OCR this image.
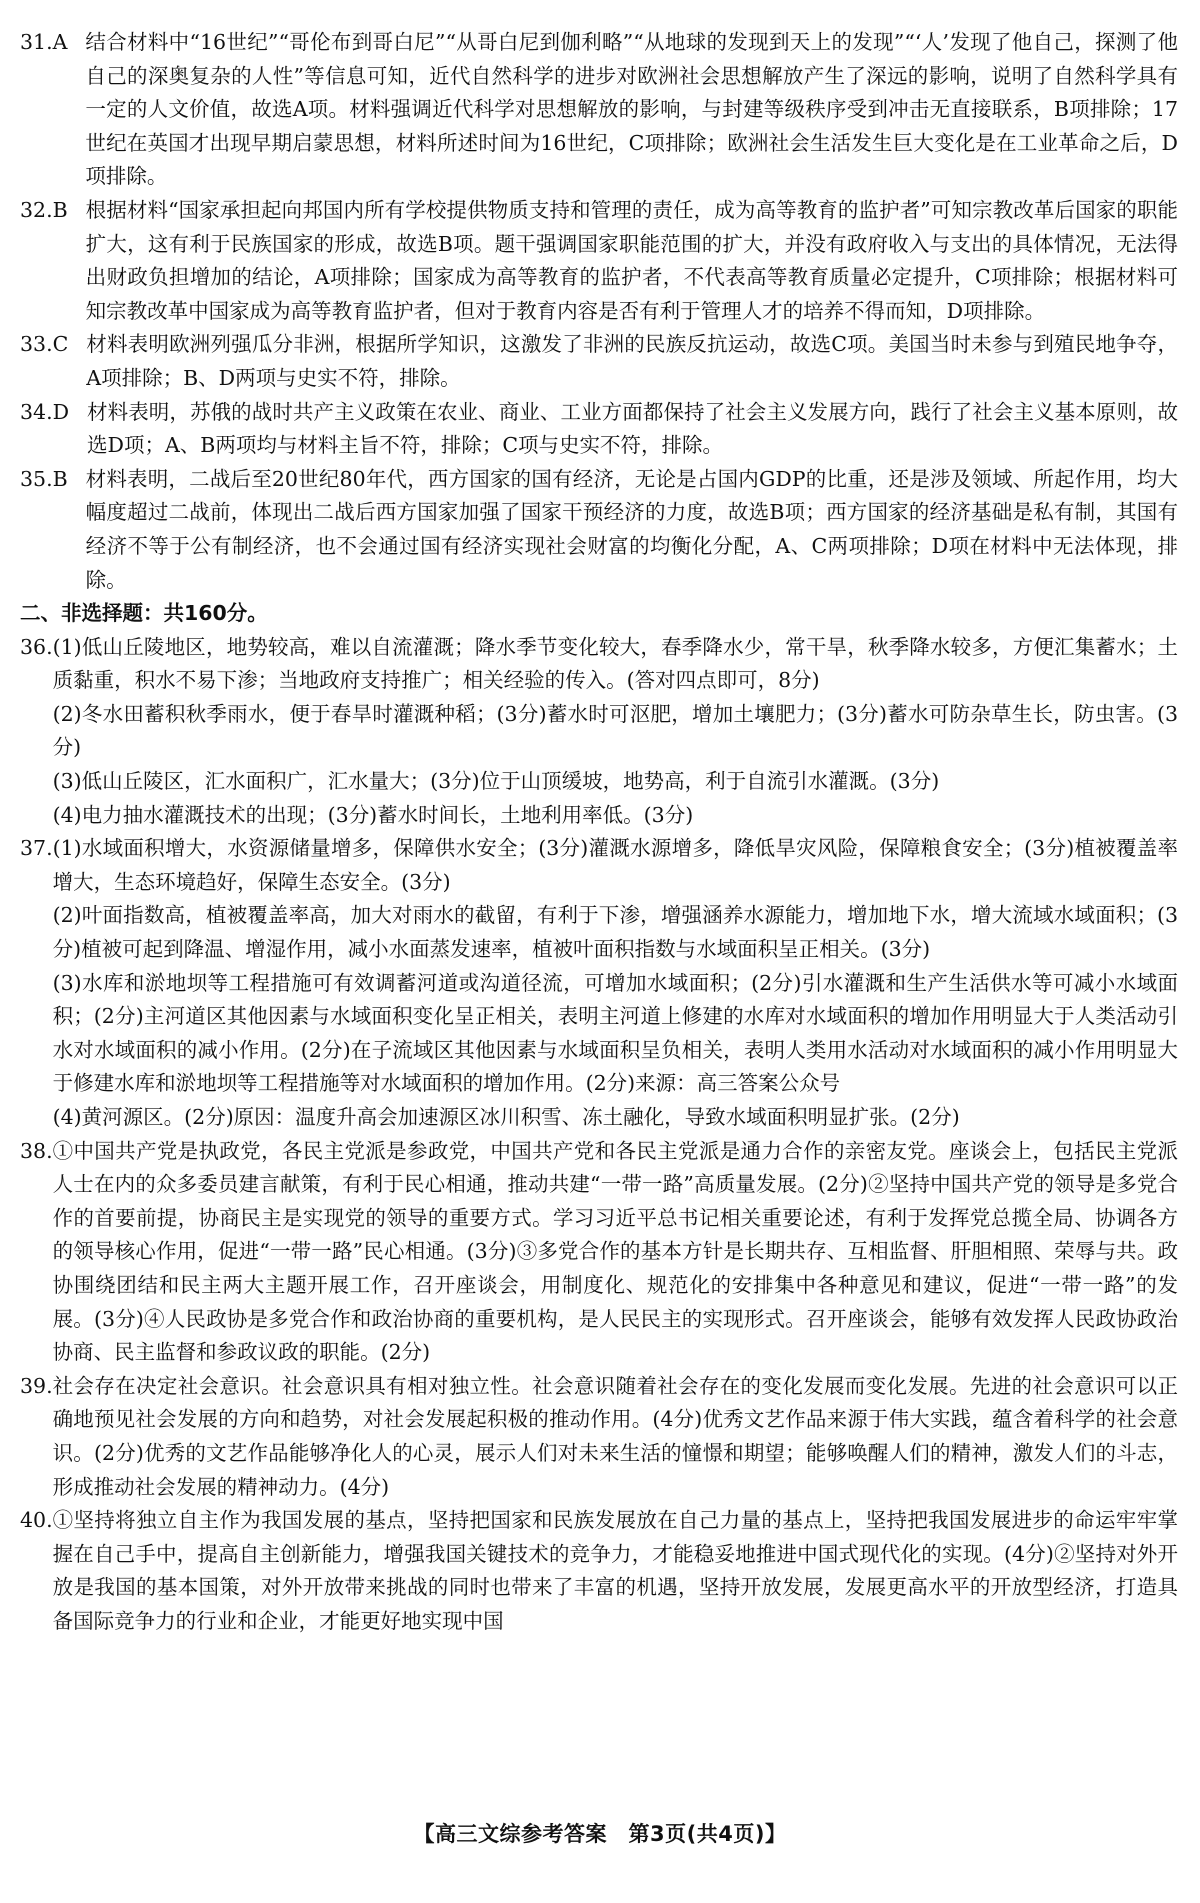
31.A 结合材料中“16世纪”“哥伦布到哥白尼”“从哥白尼到伽利略”“从地球的发现到天上的发现”“‘人’发现了他自己，探测了他自己的深奥复杂的人性”等信息可知，近代自然科学的进步对欧洲社会思想解放产生了深远的影响，说明了自然科学具有一定的人文价值，故选A项。材料强调近代科学对思想解放的影响，与封建等级秩序受到冲击无直接联系，B项排除；17世纪在英国才出现早期启蒙思想，材料所述时间为16世纪，C项排除；欧洲社会生活发生巨大变化是在工业革命之后，D项排除。

32.B 根据材料“国家承担起向邦国内所有学校提供物质支持和管理的责任，成为高等教育的监护者”可知宗教改革后国家的职能扩大，这有利于民族国家的形成，故选B项。题干强调国家职能范围的扩大，并没有政府收入与支出的具体情况，无法得出财政负担增加的结论，A项排除；国家成为高等教育的监护者，不代表高等教育质量必定提升，C项排除；根据材料可知宗教改革中国家成为高等教育监护者，但对于教育内容是否有利于管理人才的培养不得而知，D项排除。

33.C 材料表明欧洲列强瓜分非洲，根据所学知识，这激发了非洲的民族反抗运动，故选C项。美国当时未参与到殖民地争夺，A项排除；B、D两项与史实不符，排除。

34.D 材料表明，苏俄的战时共产主义政策在农业、商业、工业方面都保持了社会主义发展方向，践行了社会主义基本原则，故选D项；A、B两项均与材料主旨不符，排除；C项与史实不符，排除。

35.B 材料表明，二战后至20世纪80年代，西方国家的国有经济，无论是占国内GDP的比重，还是涉及领域、所起作用，均大幅度超过二战前，体现出二战后西方国家加强了国家干预经济的力度，故选B项；西方国家的经济基础是私有制，其国有经济不等于公有制经济，也不会通过国有经济实现社会财富的均衡化分配，A、C两项排除；D项在材料中无法体现，排除。

二、非选择题：共160分。

36. (1)低山丘陵地区，地势较高，难以自流灌溉；降水季节变化较大，春季降水少，常干旱，秋季降水较多，方便汇集蓄水；土质黏重，积水不易下渗；当地政府支持推广；相关经验的传入。(答对四点即可，8分)

(2)冬水田蓄积秋季雨水，便于春旱时灌溉种稻；(3分)蓄水时可沤肥，增加土壤肥力；(3分)蓄水可防杂草生长，防虫害。(3分)

(3)低山丘陵区，汇水面积广，汇水量大；(3分)位于山顶缓坡，地势高，利于自流引水灌溉。(3分)

(4)电力抽水灌溉技术的出现；(3分)蓄水时间长，土地利用率低。(3分)

37. (1)水域面积增大，水资源储量增多，保障供水安全；(3分)灌溉水源增多，降低旱灾风险，保障粮食安全；(3分)植被覆盖率增大，生态环境趋好，保障生态安全。(3分)

(2)叶面指数高，植被覆盖率高，加大对雨水的截留，有利于下渗，增强涵养水源能力，增加地下水，增大流域水域面积；(3分)植被可起到降温、增湿作用，减小水面蒸发速率，植被叶面积指数与水域面积呈正相关。(3分)

(3)水库和淤地坝等工程措施可有效调蓄河道或沟道径流，可增加水域面积；(2分)引水灌溉和生产生活供水等可减小水域面积；(2分)主河道区其他因素与水域面积变化呈正相关，表明主河道上修建的水库对水域面积的增加作用明显大于人类活动引水对水域面积的减小作用。(2分)在子流域区其他因素与水域面积呈负相关，表明人类用水活动对水域面积的减小作用明显大于修建水库和淤地坝等工程措施等对水域面积的增加作用。(2分)来源：高三答案公众号

(4)黄河源区。(2分)原因：温度升高会加速源区冰川积雪、冻土融化，导致水域面积明显扩张。(2分)

38. ①中国共产党是执政党，各民主党派是参政党，中国共产党和各民主党派是通力合作的亲密友党。座谈会上，包括民主党派人士在内的众多委员建言献策，有利于民心相通，推动共建“一带一路”高质量发展。(2分)②坚持中国共产党的领导是多党合作的首要前提，协商民主是实现党的领导的重要方式。学习习近平总书记相关重要论述，有利于发挥党总揽全局、协调各方的领导核心作用，促进“一带一路”民心相通。(3分)③多党合作的基本方针是长期共存、互相监督、肝胆相照、荣辱与共。政协围绕团结和民主两大主题开展工作，召开座谈会，用制度化、规范化的安排集中各种意见和建议，促进“一带一路”的发展。(3分)④人民政协是多党合作和政治协商的重要机构，是人民民主的实现形式。召开座谈会，能够有效发挥人民政协政治协商、民主监督和参政议政的职能。(2分)

39. 社会存在决定社会意识。社会意识具有相对独立性。社会意识随着社会存在的变化发展而变化发展。先进的社会意识可以正确地预见社会发展的方向和趋势，对社会发展起积极的推动作用。(4分)优秀文艺作品来源于伟大实践，蕴含着科学的社会意识。(2分)优秀的文艺作品能够净化人的心灵，展示人们对未来生活的憧憬和期望；能够唤醒人们的精神，激发人们的斗志，形成推动社会发展的精神动力。(4分)

40. ①坚持将独立自主作为我国发展的基点，坚持把国家和民族发展放在自己力量的基点上，坚持把我国发展进步的命运牢牢掌握在自己手中，提高自主创新能力，增强我国关键技术的竞争力，才能稳妥地推进中国式现代化的实现。(4分)②坚持对外开放是我国的基本国策，对外开放带来挑战的同时也带来了丰富的机遇，坚持开放发展，发展更高水平的开放型经济，打造具备国际竞争力的行业和企业，才能更好地实现中国

【高三文综参考答案　第3页(共4页)】
